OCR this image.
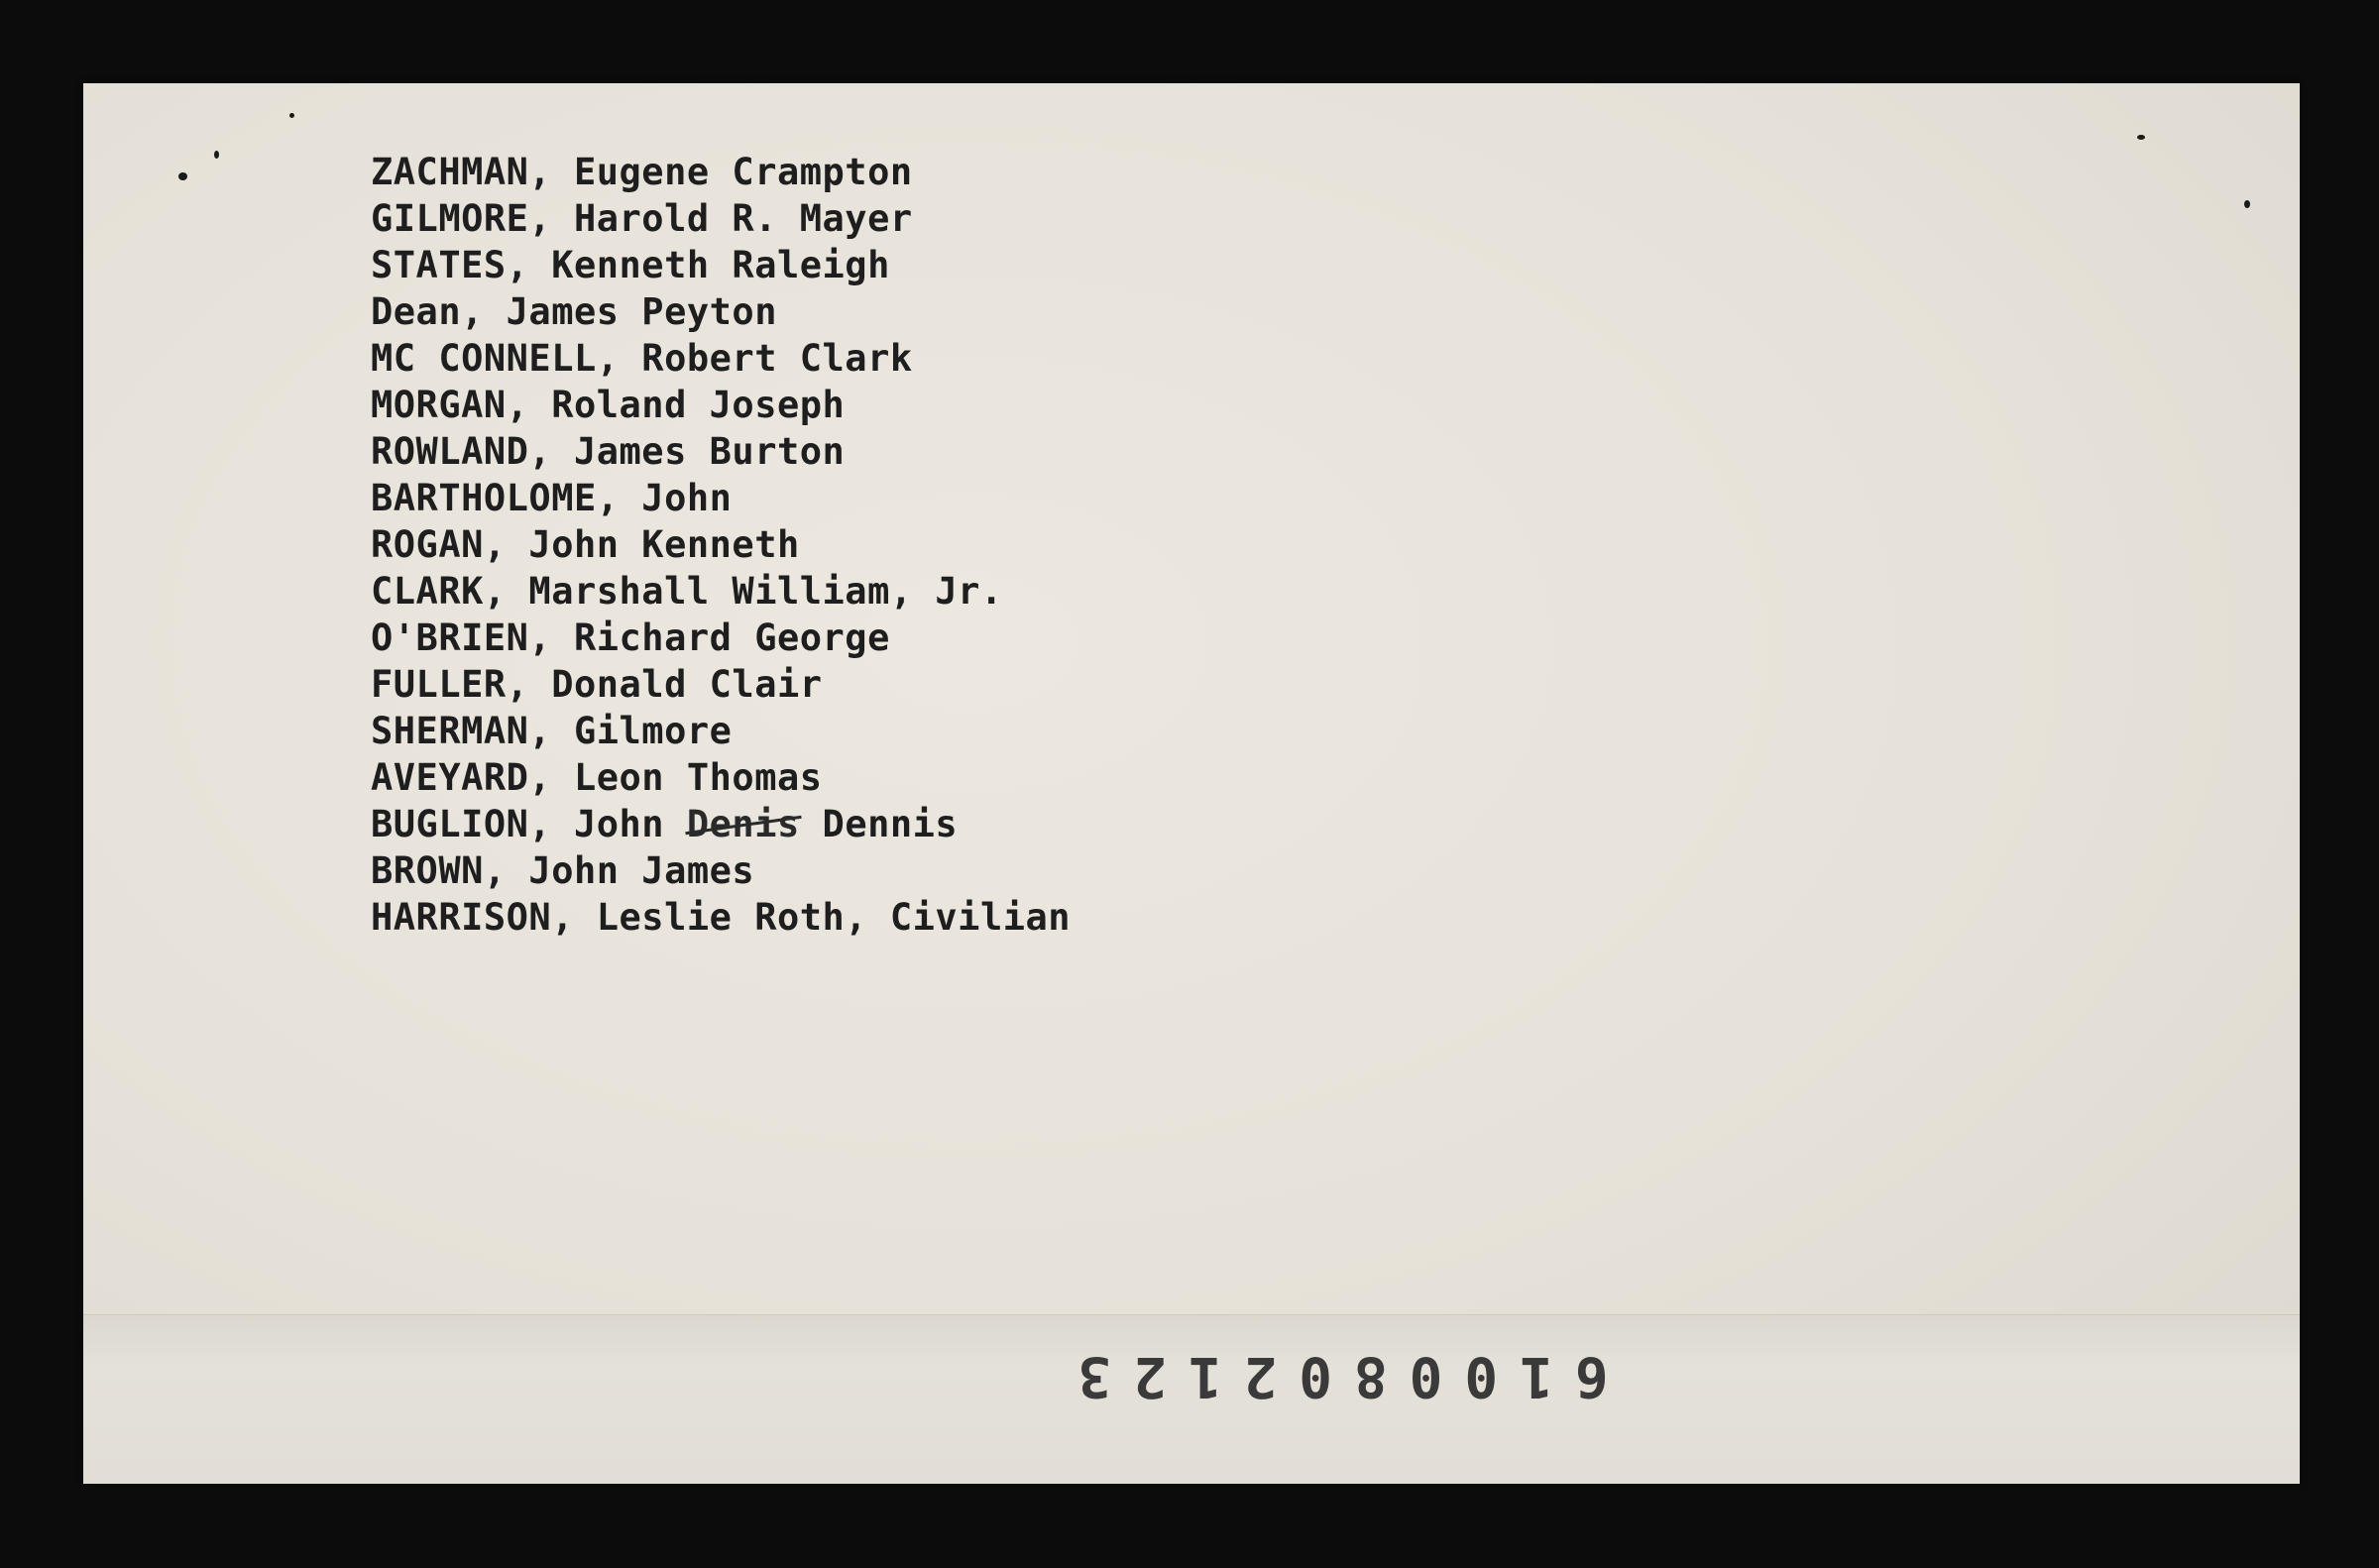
ZACHMAN, Eugene Crampton
GILMORE, Harold R. Mayer
STATES, Kenneth Raleigh
Dean, James Peyton
MC CONNELL, Robert Clark
MORGAN, Roland Joseph
ROWLAND, James Burton
BARTHOLOME, John
ROGAN, John Kenneth
CLARK, Marshall William, Jr.
O'BRIEN, Richard George
FULLER, Donald Clair
SHERMAN, Gilmore
AVEYARD, Leon Thomas
BUGLION, John Denis Dennis
BROWN, John James
HARRISON, Leslie Roth, Civilian
6100802123
